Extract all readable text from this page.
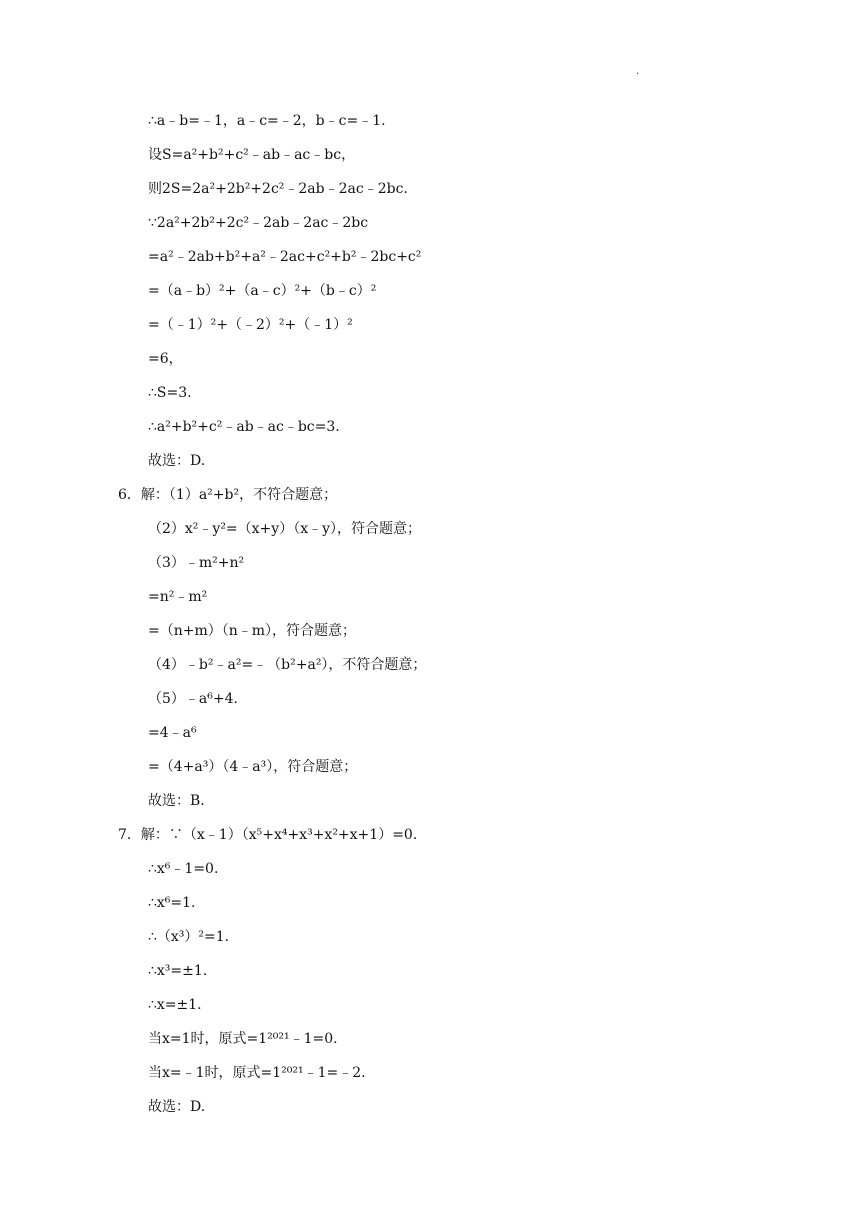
.
∴a﹣b=﹣1，a﹣c=﹣2，b﹣c=﹣1.
设S=a²+b²+c²﹣ab﹣ac﹣bc，
则2S=2a²+2b²+2c²﹣2ab﹣2ac﹣2bc.
∵2a²+2b²+2c²﹣2ab﹣2ac﹣2bc
=a²﹣2ab+b²+a²﹣2ac+c²+b²﹣2bc+c²
=（a﹣b）²+（a﹣c）²+（b﹣c）²
=（﹣1）²+（﹣2）²+（﹣1）²
=6，
∴S=3.
∴a²+b²+c²﹣ab﹣ac﹣bc=3.
故选：D.
6．解：（1）a²+b²，不符合题意；
（2）x²﹣y²=（x+y）（x﹣y），符合题意；
（3）﹣m²+n²
=n²﹣m²
=（n+m）（n﹣m），符合题意；
（4）﹣b²﹣a²=﹣（b²+a²），不符合题意；
（5）﹣a⁶+4.
=4﹣a⁶
=（4+a³）（4﹣a³），符合题意；
故选：B.
7．解：∵（x﹣1）（x⁵+x⁴+x³+x²+x+1）=0.
∴x⁶﹣1=0.
∴x⁶=1.
∴（x³）²=1.
∴x³=±1.
∴x=±1.
当x=1时，原式=1²⁰²¹﹣1=0.
当x=﹣1时，原式=1²⁰²¹﹣1=﹣2.
故选：D.
